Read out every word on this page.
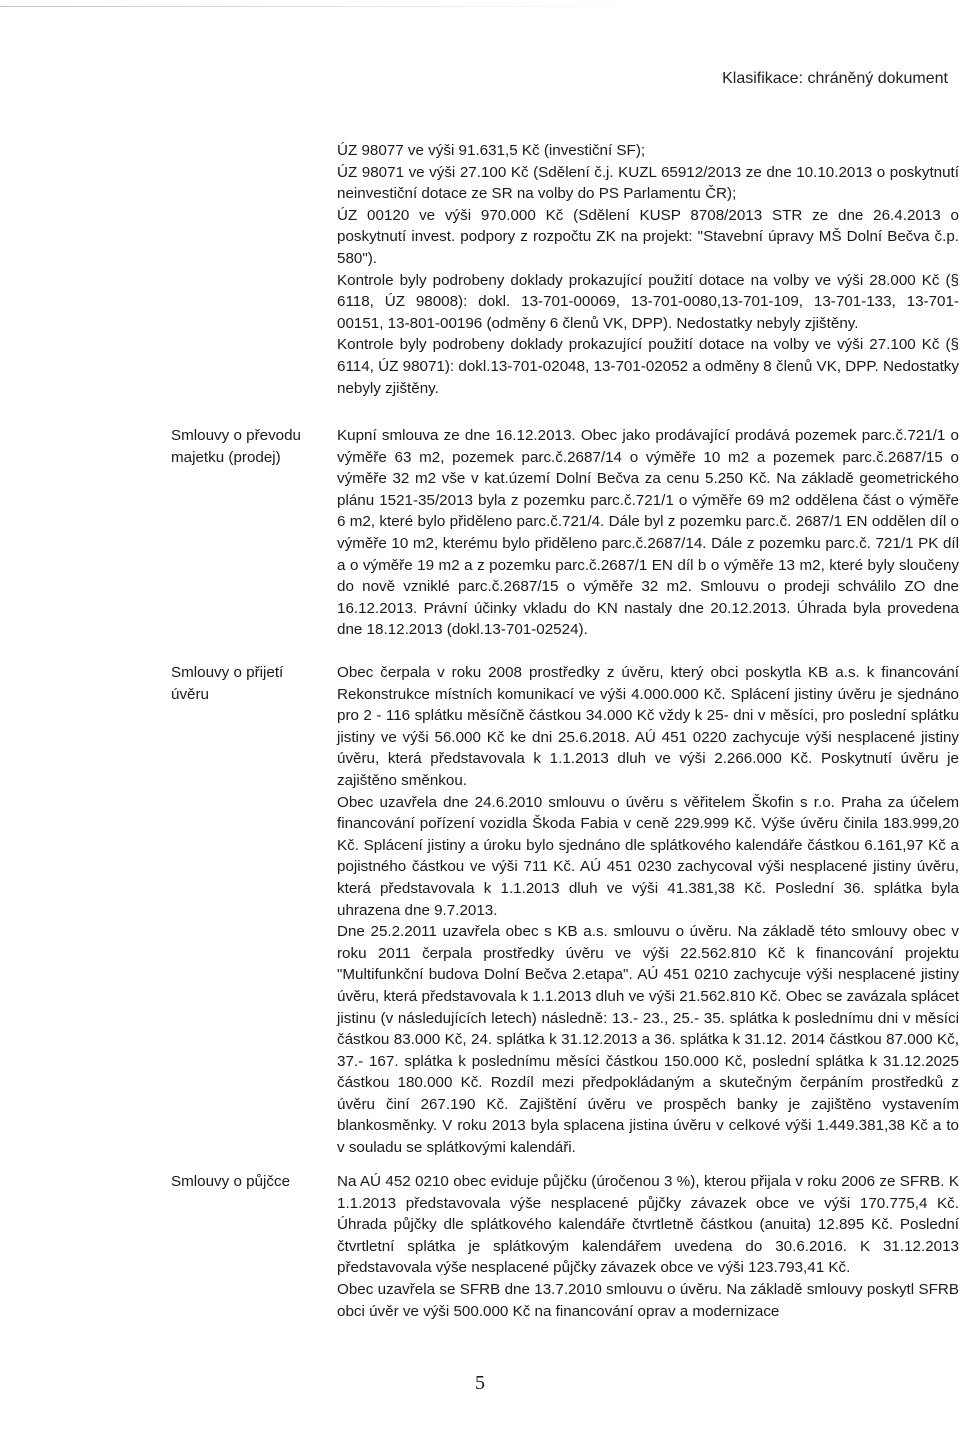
Klasifikace: chráněný dokument

ÚZ 98077 ve výši 91.631,5 Kč (investiční SF);

ÚZ 98071 ve výši 27.100 Kč (Sdělení č.j. KUZL 65912/2013 ze dne 10.10.2013 o poskytnutí neinvestiční dotace ze SR na volby do PS Parlamentu ČR);

ÚZ 00120 ve výši 970.000 Kč (Sdělení KUSP 8708/2013 STR ze dne 26.4.2013 o poskytnutí invest. podpory z rozpočtu ZK na projekt: "Stavební úpravy MŠ Dolní Bečva č.p. 580").

Kontrole byly podrobeny doklady prokazující použití dotace na volby ve výši 28.000 Kč (§ 6118, ÚZ 98008): dokl. 13-701-00069, 13-701-0080,13-701-109, 13-701-133, 13-701-00151, 13-801-00196 (odměny 6 členů VK, DPP). Nedostatky nebyly zjištěny.

Kontrole byly podrobeny doklady prokazující použití dotace na volby ve výši 27.100 Kč (§ 6114, ÚZ 98071): dokl.13-701-02048, 13-701-02052 a odměny 8 členů VK, DPP. Nedostatky nebyly zjištěny.

Smlouvy o převodu majetku (prodej)

Kupní smlouva ze dne 16.12.2013. Obec jako prodávající prodává pozemek parc.č.721/1 o výměře 63 m2, pozemek parc.č.2687/14 o výměře 10 m2 a pozemek parc.č.2687/15 o výměře 32 m2 vše v kat.území Dolní Bečva za cenu 5.250 Kč. Na základě geometrického plánu 1521-35/2013 byla z pozemku parc.č.721/1 o výměře 69 m2 oddělena část o výměře 6 m2, které bylo přiděleno parc.č.721/4. Dále byl z pozemku parc.č. 2687/1 EN oddělen díl o výměře 10 m2, kterému bylo přiděleno parc.č.2687/14. Dále z pozemku parc.č. 721/1 PK díl a o výměře 19 m2 a z pozemku parc.č.2687/1 EN díl b o výměře 13 m2, které byly sloučeny do nově vzniklé parc.č.2687/15 o výměře 32 m2. Smlouvu o prodeji schválilo ZO dne 16.12.2013. Právní účinky vkladu do KN nastaly dne 20.12.2013. Úhrada byla provedena dne 18.12.2013 (dokl.13-701-02524).

Smlouvy o přijetí úvěru

Obec čerpala v roku 2008 prostředky z úvěru, který obci poskytla KB a.s. k financování Rekonstrukce místních komunikací ve výši 4.000.000 Kč. Splácení jistiny úvěru je sjednáno pro 2 - 116 splátku měsíčně částkou 34.000 Kč vždy k 25- dni v měsíci, pro poslední splátku jistiny ve výši 56.000 Kč ke dni 25.6.2018. AÚ 451 0220 zachycuje výši nesplacené jistiny úvěru, která představovala k 1.1.2013 dluh ve výši 2.266.000 Kč. Poskytnutí úvěru je zajištěno směnkou.

Obec uzavřela dne 24.6.2010 smlouvu o úvěru s věřitelem Škofin s r.o. Praha za účelem financování pořízení vozidla Škoda Fabia v ceně 229.999 Kč. Výše úvěru činila 183.999,20 Kč. Splácení jistiny a úroku bylo sjednáno dle splátkového kalendáře částkou 6.161,97 Kč a pojistného částkou ve výši 711 Kč. AÚ 451 0230 zachycoval výši nesplacené jistiny úvěru, která představovala k 1.1.2013 dluh ve výši 41.381,38 Kč. Poslední 36. splátka byla uhrazena dne 9.7.2013.

Dne 25.2.2011 uzavřela obec s KB a.s. smlouvu o úvěru. Na základě této smlouvy obec v roku 2011 čerpala prostředky úvěru ve výši 22.562.810 Kč k financování projektu "Multifunkční budova Dolní Bečva 2.etapa". AÚ 451 0210 zachycuje výši nesplacené jistiny úvěru, která představovala k 1.1.2013 dluh ve výši 21.562.810 Kč. Obec se zavázala splácet jistinu (v následujících letech) následně: 13.- 23., 25.- 35. splátka k poslednímu dni v měsíci částkou 83.000 Kč, 24. splátka k 31.12.2013 a 36. splátka k 31.12. 2014 částkou 87.000 Kč, 37.- 167. splátka k poslednímu měsíci částkou 150.000 Kč, poslední splátka k 31.12.2025 částkou 180.000 Kč. Rozdíl mezi předpokládaným a skutečným čerpáním prostředků z úvěru činí 267.190 Kč. Zajištění úvěru ve prospěch banky je zajištěno vystavením blankosměnky. V roku 2013 byla splacena jistina úvěru v celkové výši 1.449.381,38 Kč a to v souladu se splátkovými kalendáři.

Smlouvy o půjčce	Na AÚ 452 0210 obec eviduje půjčku (úročenou 3 %), kterou přijala v roku 2006 ze SFRB. K 1.1.2013 představovala výše nesplacené půjčky závazek obce ve výši 170.775,4 Kč. Úhrada půjčky dle splátkového kalendáře čtvrtletně částkou (anuita) 12.895 Kč. Poslední čtvrtletní splátka je splátkovým kalendářem uvedena do 30.6.2016. K 31.12.2013 představovala výše nesplacené půjčky závazek obce ve výši 123.793,41 Kč.

Obec uzavřela se SFRB dne 13.7.2010 smlouvu o úvěru. Na základě smlouvy poskytl SFRB obci úvěr ve výši 500.000 Kč na financování oprav a modernizace

5
